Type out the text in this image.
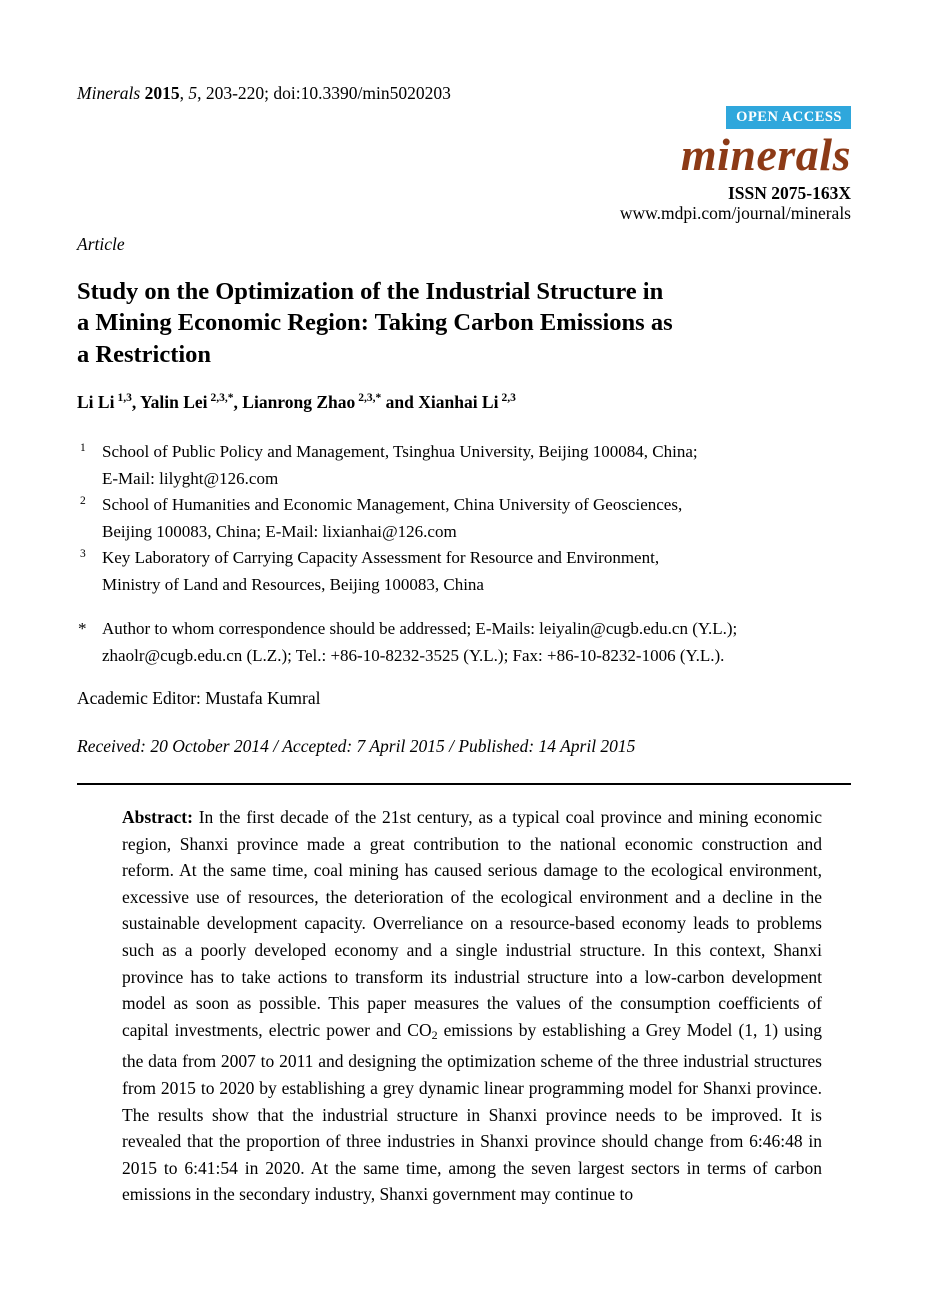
Minerals 2015, 5, 203-220; doi:10.3390/min5020203
OPEN ACCESS
minerals
ISSN 2075-163X
www.mdpi.com/journal/minerals
Article
Study on the Optimization of the Industrial Structure in
a Mining Economic Region: Taking Carbon Emissions as
a Restriction

Li Li $^{1,3}$, Yalin Lei $^{2,3,*}$, Lianrong Zhao $^{2,3,*}$ and Xianhai Li $^{2,3}$

1 School of Public Policy and Management, Tsinghua University, Beijing 100084, China;
E-Mail: lilyght@126.com
2 School of Humanities and Economic Management, China University of Geosciences,
Beijing 100083, China; E-Mail: lixianhai@126.com
3 Key Laboratory of Carrying Capacity Assessment for Resource and Environment,
Ministry of Land and Resources, Beijing 100083, China
* Author to whom correspondence should be addressed; E-Mails: leiyalin@cugb.edu.cn (Y.L.);
zhaolr@cugb.edu.cn (L.Z.); Tel.: +86-10-8232-3525 (Y.L.); Fax: +86-10-8232-1006 (Y.L.).
Academic Editor: Mustafa Kumral
Received: 20 October 2014 / Accepted: 7 April 2015 / Published: 14 April 2015

Abstract: In the first decade of the 21st century, as a typical coal province and mining economic region, Shanxi province made a great contribution to the national economic construction and reform. At the same time, coal mining has caused serious damage to the ecological environment, excessive use of resources, the deterioration of the ecological environment and a decline in the sustainable development capacity. Overreliance on a resource-based economy leads to problems such as a poorly developed economy and a single industrial structure. In this context, Shanxi province has to take actions to transform its industrial structure into a low-carbon development model as soon as possible. This paper measures the values of the consumption coefficients of capital investments, electric power and CO2 emissions by establishing a Grey Model (1, 1) using the data from 2007 to 2011 and designing the optimization scheme of the three industrial structures from 2015 to 2020 by establishing a grey dynamic linear programming model for Shanxi province. The results show that the industrial structure in Shanxi province needs to be improved. It is revealed that the proportion of three industries in Shanxi province should change from 6:46:48 in 2015 to 6:41:54 in 2020. At the same time, among the seven largest sectors in terms of carbon emissions in the secondary industry, Shanxi government may continue to
